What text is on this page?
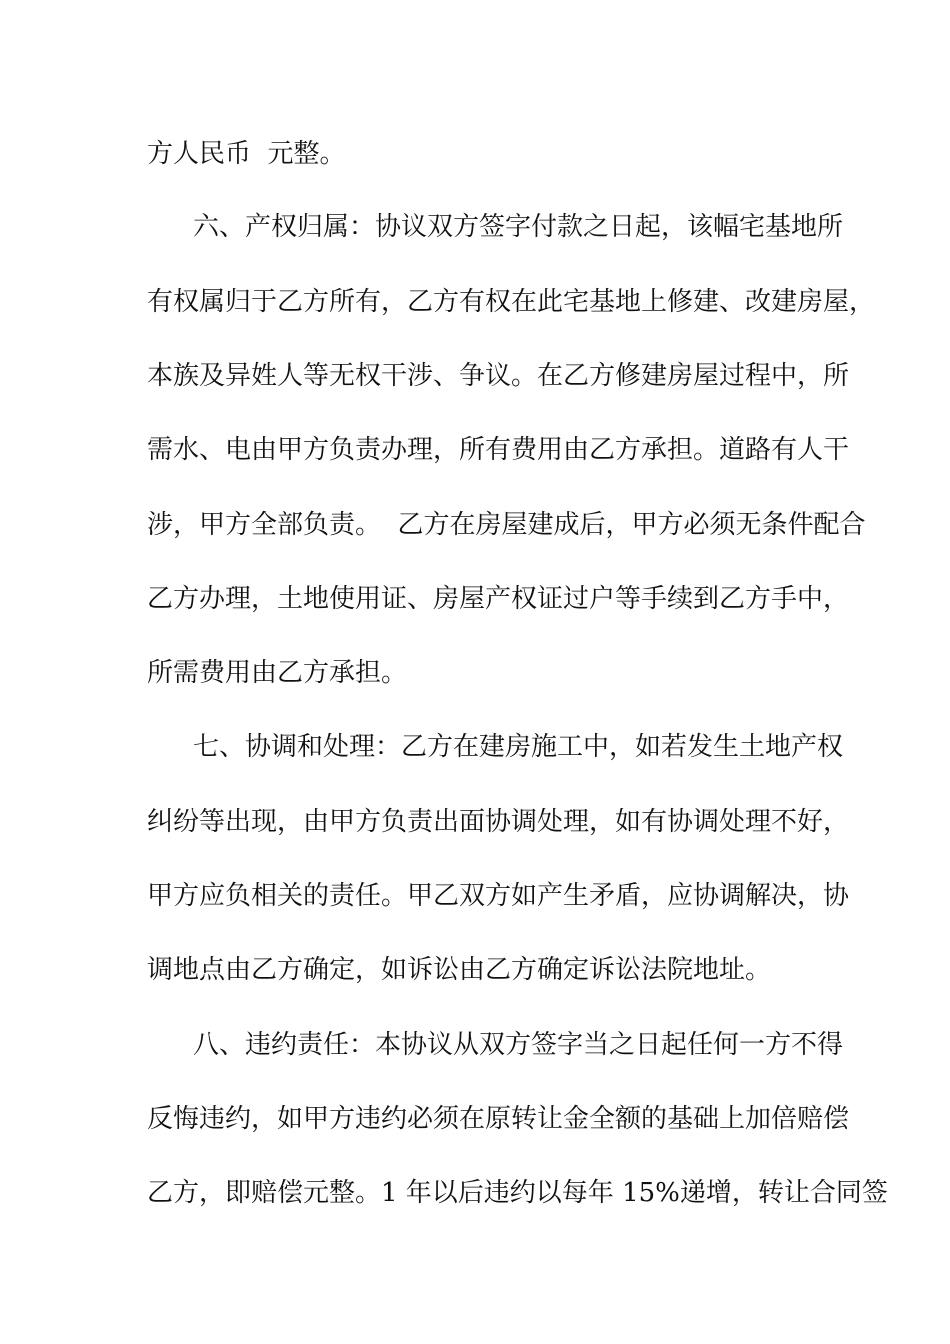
方人民币  元整。
六、产权归属：协议双方签字付款之日起，该幅宅基地所
有权属归于乙方所有，乙方有权在此宅基地上修建、改建房屋，
本族及异姓人等无权干涉、争议。在乙方修建房屋过程中，所
需水、电由甲方负责办理，所有费用由乙方承担。道路有人干
涉，甲方全部负责。  乙方在房屋建成后，甲方必须无条件配合
乙方办理，土地使用证、房屋产权证过户等手续到乙方手中，
所需费用由乙方承担。
七、协调和处理：乙方在建房施工中，如若发生土地产权
纠纷等出现，由甲方负责出面协调处理，如有协调处理不好，
甲方应负相关的责任。甲乙双方如产生矛盾，应协调解决，协
调地点由乙方确定，如诉讼由乙方确定诉讼法院地址。
八、违约责任：本协议从双方签字当之日起任何一方不得
反悔违约，如甲方违约必须在原转让金全额的基础上加倍赔偿
乙方，即赔偿元整。1 年以后违约以每年 15%递增，转让合同签
